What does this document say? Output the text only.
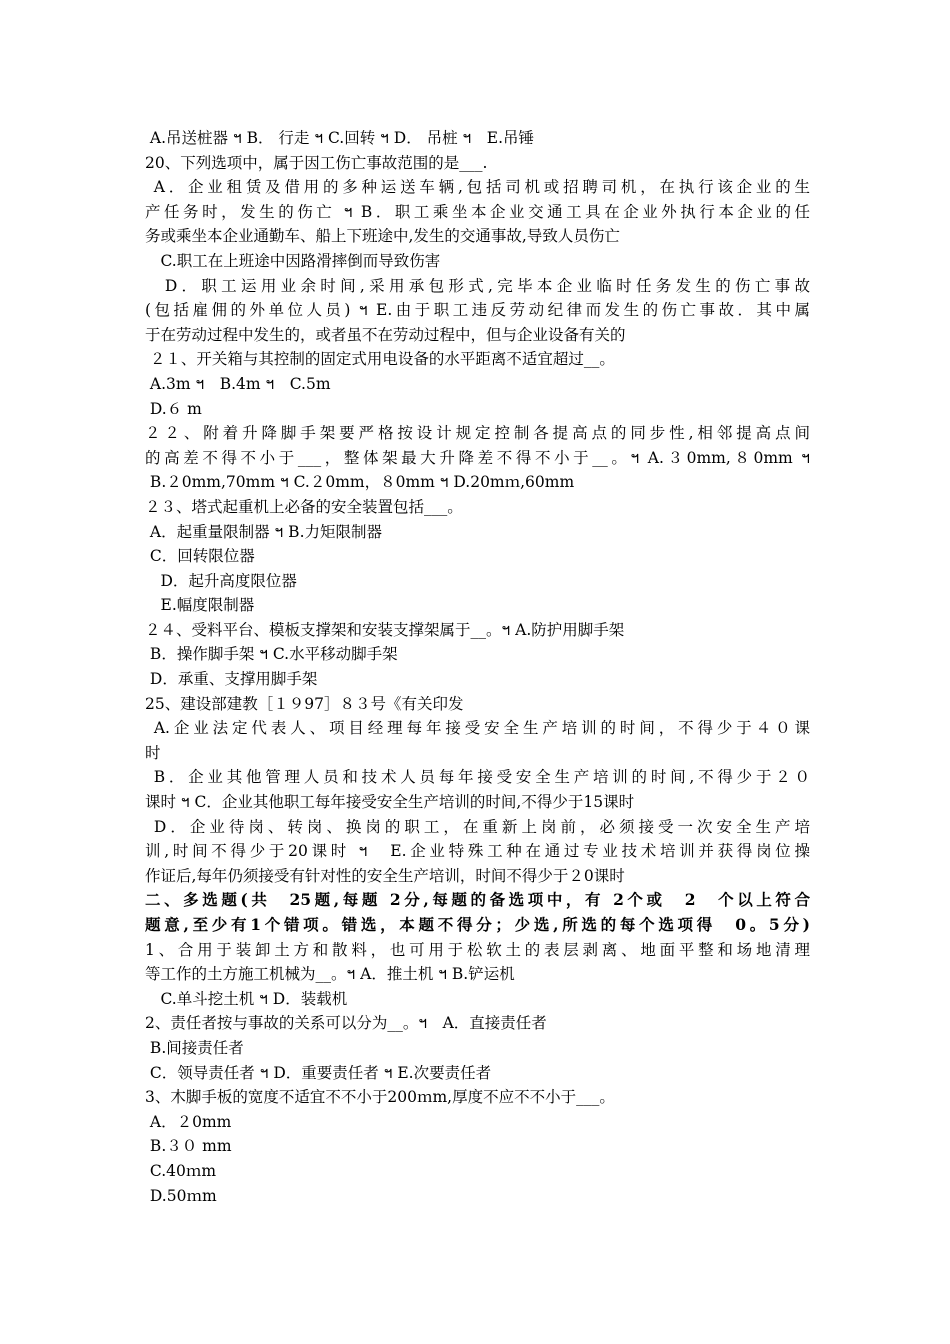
A.吊送桩器 ฯ B． 行走 ฯ C.回转 ฯ D． 吊桩 ฯ　E.吊锤
20、下列选项中，属于因工伤亡事故范围的是___.
A．企业租赁及借用的多种运送车辆,包括司机或招聘司机，在执行该企业的生
产任务时，发生的伤亡 ฯ B．职工乘坐本企业交通工具在企业外执行本企业的任
务或乘坐本企业通勤车、船上下班途中,发生的交通事故,导致人员伤亡
　C.职工在上班途中因路滑摔倒而导致伤害
　D．职工运用业余时间,采用承包形式,完毕本企业临时任务发生的伤亡事故
(包括雇佣的外单位人员) ฯ E.由于职工违反劳动纪律而发生的伤亡事故．其中属
于在劳动过程中发生的，或者虽不在劳动过程中，但与企业设备有关的
２１、开关箱与其控制的固定式用电设备的水平距离不适宜超过__。
A.3m ฯ　B.4m ฯ　C.5m
D.６ m
２２、附着升降脚手架要严格按设计规定控制各提高点的同步性,相邻提高点间
的高差不得不小于___，整体架最大升降差不得不小于__。ฯ A.３0mm,８0mm ฯ
B.２0mm,70mm ฯ C.２0mm，８0mm ฯ D.20mｍ,60mm
２３、塔式起重机上必备的安全装置包括___。
A．起重量限制器 ฯ B.力矩限制器
C．回转限位器
　D．起升高度限位器
　E.幅度限制器
２４、受料平台、模板支撑架和安装支撑架属于__。ฯ A.防护用脚手架
B．操作脚手架 ฯ C.水平移动脚手架
D．承重、支撑用脚手架
25、建设部建教［１９97］８３号《有关印发
A.企业法定代表人、项目经理每年接受安全生产培训的时间，不得少于４０课
时
B．企业其他管理人员和技术人员每年接受安全生产培训的时间,不得少于２０
课时 ฯ C．企业其他职工每年接受安全生产培训的时间,不得少于15课时
D．企业待岗、转岗、换岗的职工，在重新上岗前，必须接受一次安全生产培
训,时间不得少于20课时 ฯ　E.企业特殊工种在通过专业技术培训并获得岗位操
作证后,每年仍须接受有针对性的安全生产培训，时间不得少于２0课时
二、多选题(共　25题,每题 2分,每题的备选项中，有 2个或　2　个以上符合
题意,至少有1个错项。错选，本题不得分；少选,所选的每个选项得　0。5分)
1、合用于装卸土方和散料，也可用于松软土的表层剥离、地面平整和场地清理
等工作的土方施工机械为__。ฯ A．推土机 ฯ B.铲运机
　C.单斗挖土机 ฯ D．装载机
2、责任者按与事故的关系可以分为__。ฯ　A．直接责任者
B.间接责任者
C．领导责任者 ฯ D．重要责任者 ฯ E.次要责任者
3、木脚手板的宽度不适宜不不小于200ｍm,厚度不应不不小于___。
A．２0mm
B.３０ mm
C.40ｍm
D.50ｍm
